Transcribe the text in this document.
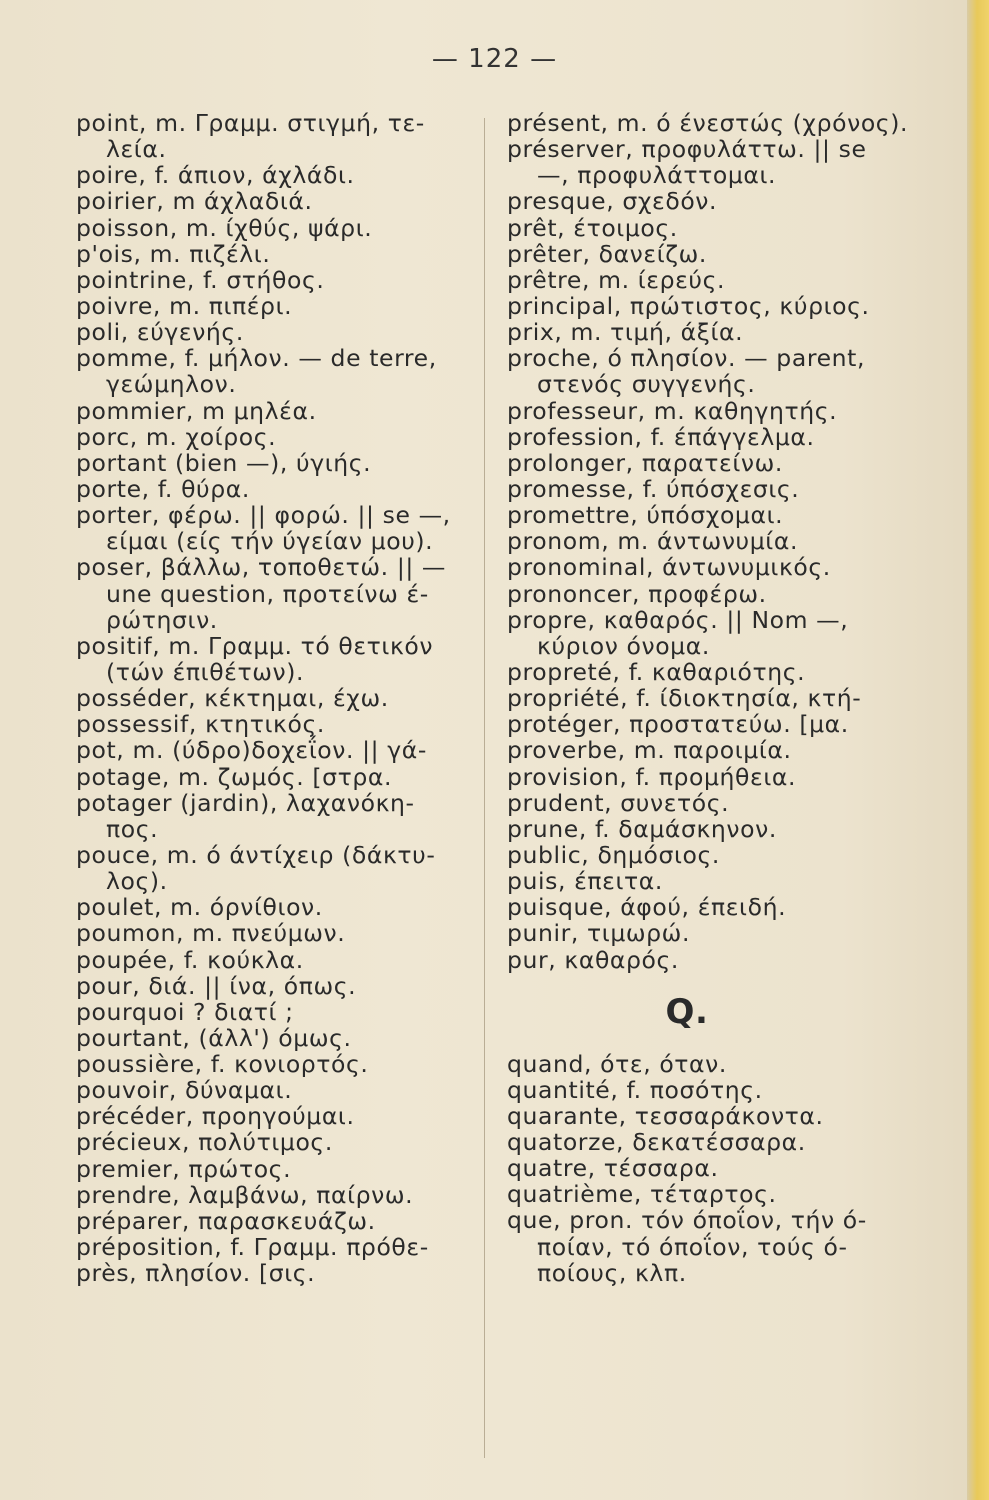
— 122 —
point, m. Γραμμ. στιγμή, τε-
λεία.
poire, f. άπιον, άχλάδι.
poirier, m άχλαδιά.
poisson, m. ίχθύς, ψάρι.
p'ois, m. πιζέλι.
pointrine, f. στήθος.
poivre, m. πιπέρι.
poli, εύγενής.
pomme, f. μήλον. — de terre,
γεώμηλον.
pommier, m μηλέα.
porc, m. χοίρος.
portant (bien —), ύγιής.
porte, f. θύρα.
porter, φέρω. || φορώ. || se —,
είμαι (είς τήν ύγείαν μου).
poser, βάλλω, τοποθετώ. || —
une question, προτείνω έ-
ρώτησιν.
positif, m. Γραμμ. τό θετικόν
(τών έπιθέτων).
posséder, κέκτημαι, έχω.
possessif, κτητικός.
pot, m. (ύδρο)δοχεΐον. || γά-
potage, m. ζωμός. [στρα.
potager (jardin), λαχανόκη-
πος.
pouce, m. ό άντίχειρ (δάκτυ-
λος).
poulet, m. όρνίθιον.
poumon, m. πνεύμων.
poupée, f. κούκλα.
pour, διά. || ίνα, όπως.
pourquoi ? διατί ;
pourtant, (άλλ') όμως.
poussière, f. κονιορτός.
pouvoir, δύναμαι.
précéder, προηγούμαι.
précieux, πολύτιμος.
premier, πρώτος.
prendre, λαμβάνω, παίρνω.
préparer, παρασκευάζω.
préposition, f. Γραμμ. πρόθε-
près, πλησίον. [σις.
présent, m. ό ένεστώς (χρόνος).
préserver, προφυλάττω. || se
—, προφυλάττομαι.
presque, σχεδόν.
prêt, έτοιμος.
prêter, δανείζω.
prêtre, m. ίερεύς.
principal, πρώτιστος, κύριος.
prix, m. τιμή, άξία.
proche, ό πλησίον. — parent,
στενός συγγενής.
professeur, m. καθηγητής.
profession, f. έπάγγελμα.
prolonger, παρατείνω.
promesse, f. ύπόσχεσις.
promettre, ύπόσχομαι.
pronom, m. άντωνυμία.
pronominal, άντωνυμικός.
prononcer, προφέρω.
propre, καθαρός. || Nom —,
κύριον όνομα.
propreté, f. καθαριότης.
propriété, f. ίδιοκτησία, κτή-
protéger, προστατεύω. [μα.
proverbe, m. παροιμία.
provision, f. προμήθεια.
prudent, συνετός.
prune, f. δαμάσκηνον.
public, δημόσιος.
puis, έπειτα.
puisque, άφού, έπειδή.
punir, τιμωρώ.
pur, καθαρός.
Q.
quand, ότε, όταν.
quantité, f. ποσότης.
quarante, τεσσαράκοντα.
quatorze, δεκατέσσαρα.
quatre, τέσσαρα.
quatrième, τέταρτος.
que, pron. τόν όποΐον, τήν ό-
ποίαν, τό όποΐον, τούς ό-
ποίους, κλπ.
